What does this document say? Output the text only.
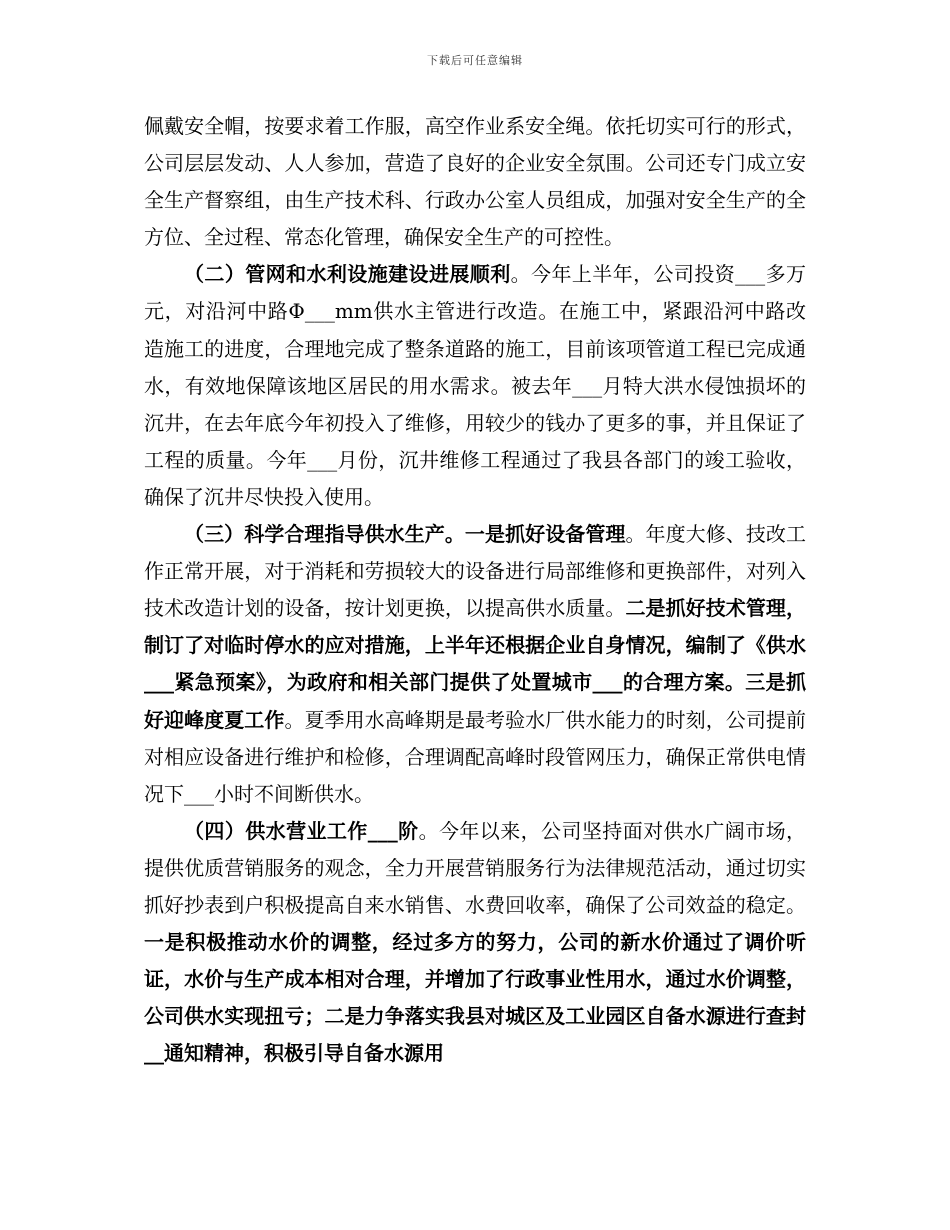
下载后可任意编辑

佩戴安全帽，按要求着工作服，高空作业系安全绳。依托切实可行的形式，公司层层发动、人人参加，营造了良好的企业安全氛围。公司还专门成立安全生产督察组，由生产技术科、行政办公室人员组成，加强对安全生产的全方位、全过程、常态化管理，确保安全生产的可控性。

（二）管网和水利设施建设进展顺利。今年上半年，公司投资___多万元，对沿河中路Φ___mm供水主管进行改造。在施工中，紧跟沿河中路改造施工的进度，合理地完成了整条道路的施工，目前该项管道工程已完成通水，有效地保障该地区居民的用水需求。被去年___月特大洪水侵蚀损坏的沉井，在去年底今年初投入了维修，用较少的钱办了更多的事，并且保证了工程的质量。今年___月份，沉井维修工程通过了我县各部门的竣工验收，确保了沉井尽快投入使用。

（三）科学合理指导供水生产。一是抓好设备管理。年度大修、技改工作正常开展，对于消耗和劳损较大的设备进行局部维修和更换部件，对列入技术改造计划的设备，按计划更换，以提高供水质量。二是抓好技术管理，制订了对临时停水的应对措施，上半年还根据企业自身情况，编制了《供水___紧急预案》，为政府和相关部门提供了处置城市___的合理方案。三是抓好迎峰度夏工作。夏季用水高峰期是最考验水厂供水能力的时刻，公司提前对相应设备进行维护和检修，合理调配高峰时段管网压力，确保正常供电情况下___小时不间断供水。

（四）供水营业工作___阶。今年以来，公司坚持面对供水广阔市场，提供优质营销服务的观念，全力开展营销服务行为法律规范活动，通过切实抓好抄表到户积极提高自来水销售、水费回收率，确保了公司效益的稳定。一是积极推动水价的调整，经过多方的努力，公司的新水价通过了调价听证，水价与生产成本相对合理，并增加了行政事业性用水，通过水价调整，公司供水实现扭亏；二是力争落实我县对城区及工业园区自备水源进行查封__通知精神，积极引导自备水源用
